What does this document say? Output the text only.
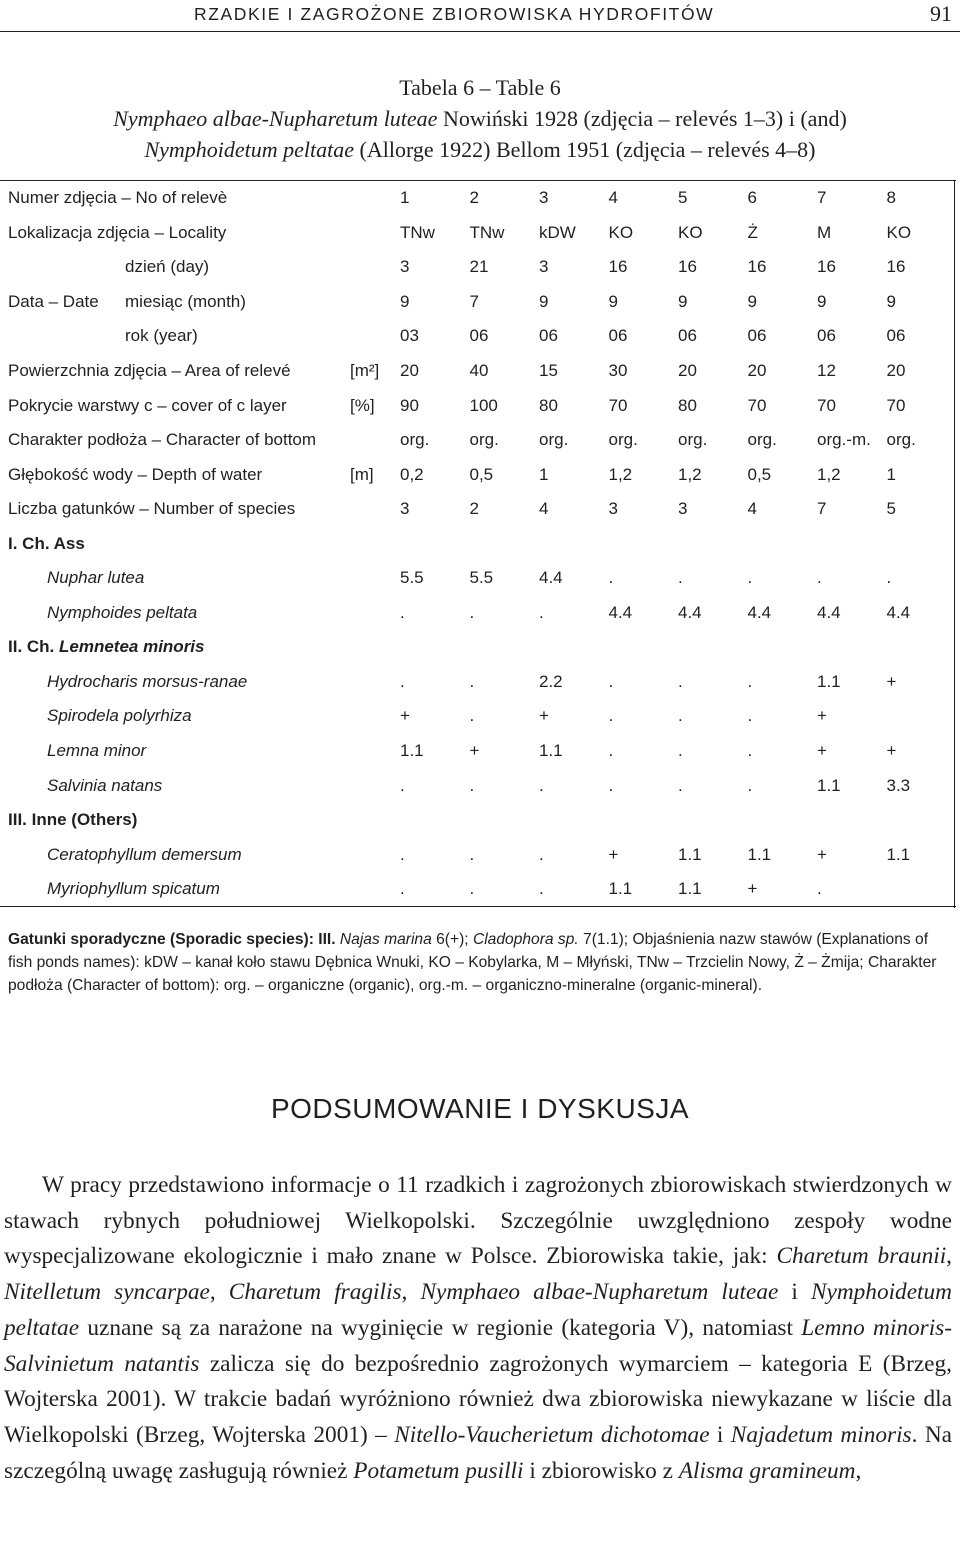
RZADKIE I ZAGROŻONE ZBIOROWISKA HYDROFITÓW	91
Tabela 6 – Table 6
Nymphaeo albae-Nupharetum luteae Nowiński 1928 (zdjęcia – relevés 1–3) i (and)
Nymphoidetum peltatae (Allorge 1922) Bellom 1951 (zdjęcia – relevés 4–8)
Numer zdjęcia – No of relevè	1	2	3	4	5	6	7	8

Lokalizacja zdjęcia – Locality	TNw	TNw	kDW	KO	KO	Ż	M	KO

dzień (day)	3	21	3	16	16	16	16	16

Data – Date miesiąc (month)	9	7	9	9	9	9	9	9

rok (year)	03	06	06	06	06	06	06	06

Powierzchnia zdjęcia – Area of relevé [m²]	20	40	15	30	20	20	12	20

Pokrycie warstwy c – cover of c layer [%]	90	100	80	70	80	70	70	70

Charakter podłoża – Character of bottom	org.	org.	org.	org.	org.	org.	org.-m.	org.

Głębokość wody – Depth of water [m]	0,2	0,5	1	1,2	1,2	0,5	1,2	1

Liczba gatunków – Number of species	3	2	4	3	3	4	7	5

I. Ch. Ass								

Nuphar lutea	5.5	5.5	4.4	.	.	.	.	.

Nymphoides peltata	.	.	.	4.4	4.4	4.4	4.4	4.4

II. Ch. Lemnetea minoris								

Hydrocharis morsus-ranae	.	.	2.2	.	.	.	1.1	+

Spirodela polyrhiza	+	.	+	.	.	.	+	

Lemna minor	1.1	+	1.1	.	.	.	+	+

Salvinia natans	.	.	.	.	.	.	1.1	3.3

III. Inne (Others)								

Ceratophyllum demersum	.	.	.	+	1.1	1.1	+	1.1

Myriophyllum spicatum	.	.	.	1.1	1.1	+	.	
Gatunki sporadyczne (Sporadic species): III. Najas marina 6(+); Cladophora sp. 7(1.1); Objaśnienia nazw stawów (Explanations of fish ponds names): kDW – kanał koło stawu Dębnica Wnuki, KO – Kobylarka, M – Młyński, TNw – Trzcielin Nowy, Ż – Żmija; Charakter podłoża (Character of bottom): org. – organiczne (organic), org.-m. – organiczno-mineralne (organic-mineral).
PODSUMOWANIE I DYSKUSJA

W pracy przedstawiono informacje o 11 rzadkich i zagrożonych zbiorowiskach stwierdzonych w stawach rybnych południowej Wielkopolski. Szczególnie uwzględniono zespoły wodne wyspecjalizowane ekologicznie i mało znane w Polsce. Zbiorowiska takie, jak: Charetum braunii, Nitelletum syncarpae, Charetum fragilis, Nymphaeo albae-Nupharetum luteae i Nymphoidetum peltatae uznane są za narażone na wyginięcie w regionie (kategoria V), natomiast Lemno minoris-Salvinietum natantis zalicza się do bezpośrednio zagrożonych wymarciem – kategoria E (Brzeg, Wojterska 2001). W trakcie badań wyróżniono również dwa zbiorowiska niewykazane w liście dla Wielkopolski (Brzeg, Wojterska 2001) – Nitello-Vaucherietum dichotomae i Najadetum minoris. Na szczególną uwagę zasługują również Potametum pusilli i zbiorowisko z Alisma gramineum,
